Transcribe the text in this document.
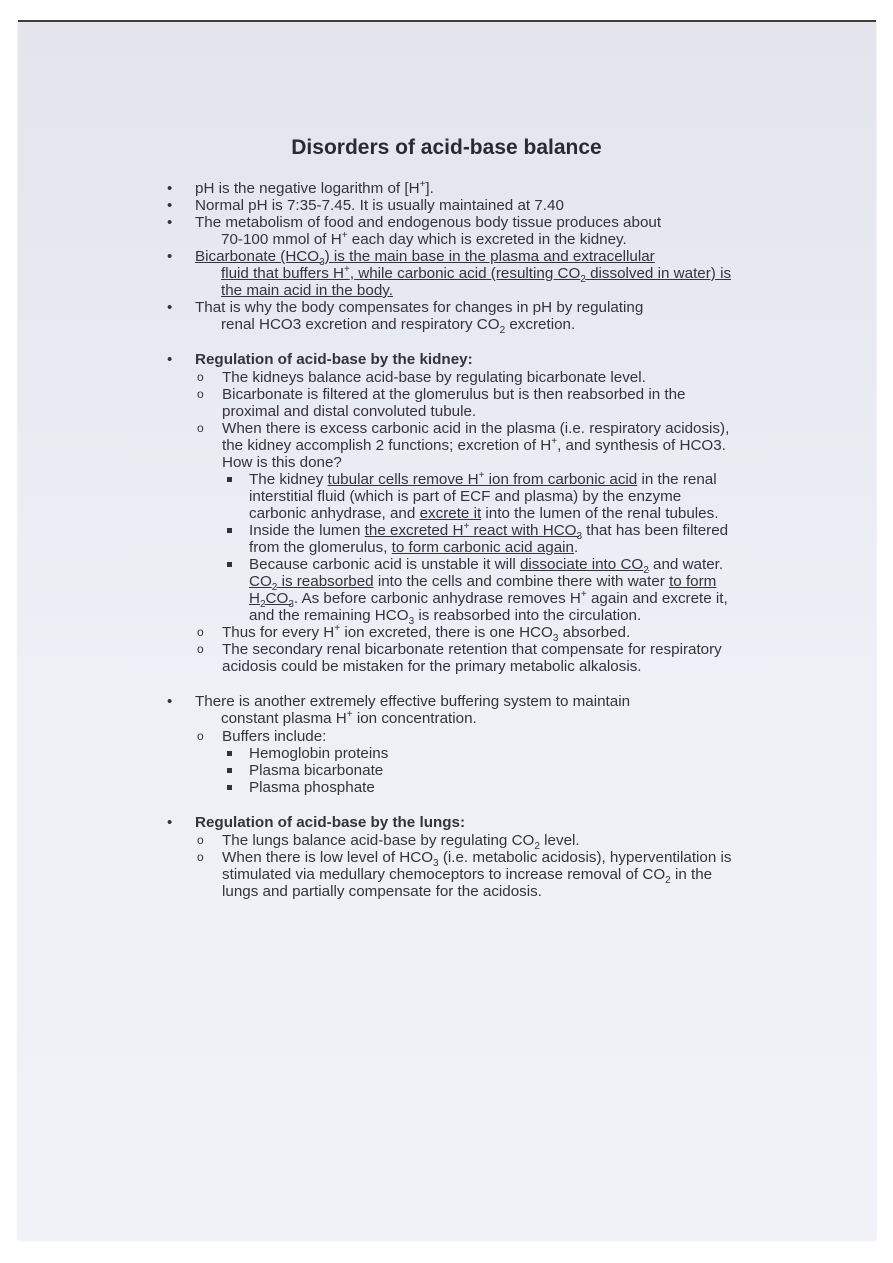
Disorders of acid-base balance
• pH is the negative logarithm of [H+].
• Normal pH is 7:35-7.45. It is usually maintained at 7.40
• The metabolism of food and endogenous body tissue produces about
70-100 mmol of H+ each day which is excreted in the kidney.
• Bicarbonate $(HCO_3)$ is the main base in the plasma and extracellular
fluid that buffers H+, while carbonic acid (resulting $CO_2$ dissolved in water) is the main acid in the body.
• That is why the body compensates for changes in pH by regulating
renal HCO3 excretion and respiratory $CO_2$ excretion.
• Regulation of acid-base by the kidney:
o The kidneys balance acid-base by regulating bicarbonate level.
o Bicarbonate is filtered at the glomerulus but is then reabsorbed in the proximal and distal convoluted tubule.
o When there is excess carbonic acid in the plasma (i.e. respiratory acidosis), the kidney accomplish 2 functions; excretion of H+, and synthesis of HCO3. How is this done?
The kidney tubular cells remove H+ ion from carbonic acid in the renal interstitial fluid (which is part of ECF and plasma) by the enzyme carbonic anhydrase, and excrete it into the lumen of the renal tubules.
Inside the lumen the excreted H+ react with $HCO_3$ that has been filtered from the glomerulus, to form carbonic acid again.
Because carbonic acid is unstable it will dissociate into $CO_2$ and water. $CO_2$ is reabsorbed into the cells and combine there with water to form $H_2CO_3$. As before carbonic anhydrase removes H+ again and excrete it, and the remaining $HCO_3$ is reabsorbed into the circulation.
o Thus for every H+ ion excreted, there is one $HCO_3$ absorbed.
o The secondary renal bicarbonate retention that compensate for respiratory acidosis could be mistaken for the primary metabolic alkalosis.
• There is another extremely effective buffering system to maintain
constant plasma H+ ion concentration.
o Buffers include:
Hemoglobin proteins
Plasma bicarbonate
Plasma phosphate
• Regulation of acid-base by the lungs:
o The lungs balance acid-base by regulating $CO_2$ level.
o When there is low level of $HCO_3$ (i.e. metabolic acidosis), hyperventilation is stimulated via medullary chemoceptors to increase removal of $CO_2$ in the lungs and partially compensate for the acidosis.
